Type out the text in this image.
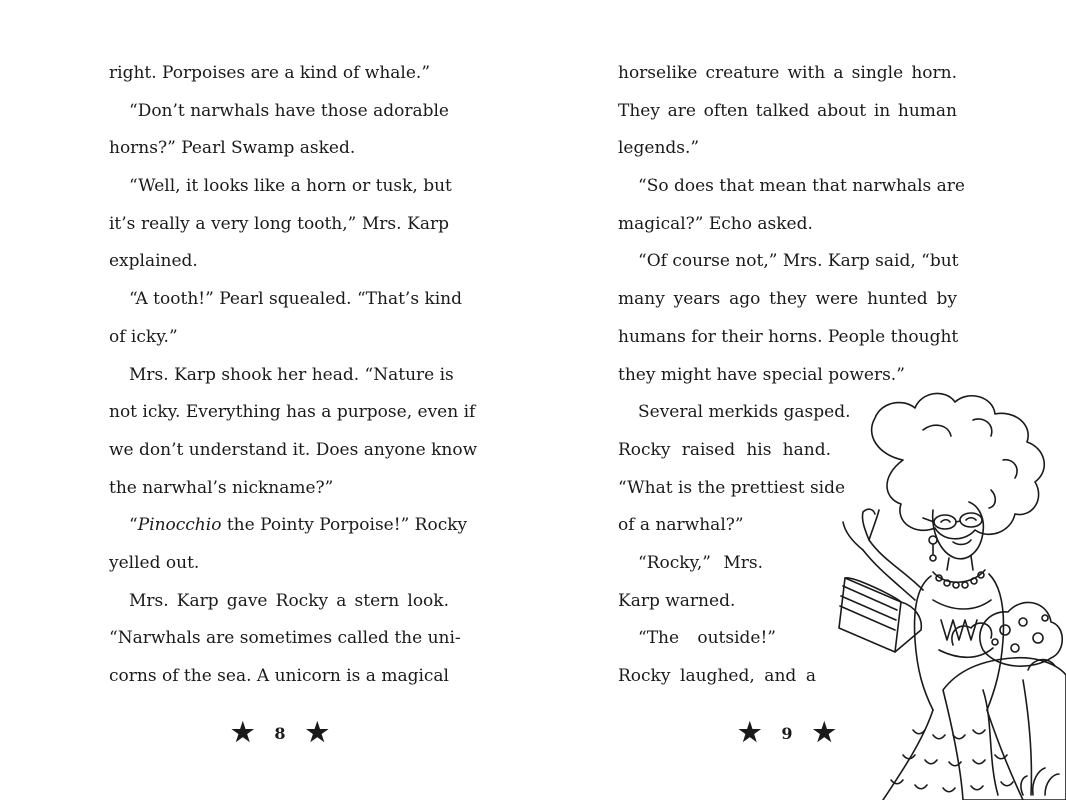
right. Porpoises are a kind of whale.”
“Don’t narwhals have those adorable
horns?” Pearl Swamp asked.
“Well, it looks like a horn or tusk, but
it’s really a very long tooth,” Mrs. Karp
explained.
“A tooth!” Pearl squealed. “That’s kind
of icky.”
Mrs. Karp shook her head. “Nature is
not icky. Everything has a purpose, even if
we don’t understand it. Does anyone know
the narwhal’s nickname?”
“Pinocchio the Pointy Porpoise!” Rocky
yelled out.
Mrs. Karp gave Rocky a stern look.
“Narwhals are sometimes called the uni-
corns of the sea. A unicorn is a magical
★ 8 ★
horselike creature with a single horn.
They are often talked about in human
legends.”
“So does that mean that narwhals are
magical?” Echo asked.
“Of course not,” Mrs. Karp said, “but
many years ago they were hunted by
humans for their horns. People thought
they might have special powers.”
Several merkids gasped.
Rocky raised his hand.
“What is the prettiest side
of a narwhal?”
“Rocky,” Mrs.
Karp warned.
“The outside!”
Rocky laughed, and a
★ 9 ★
